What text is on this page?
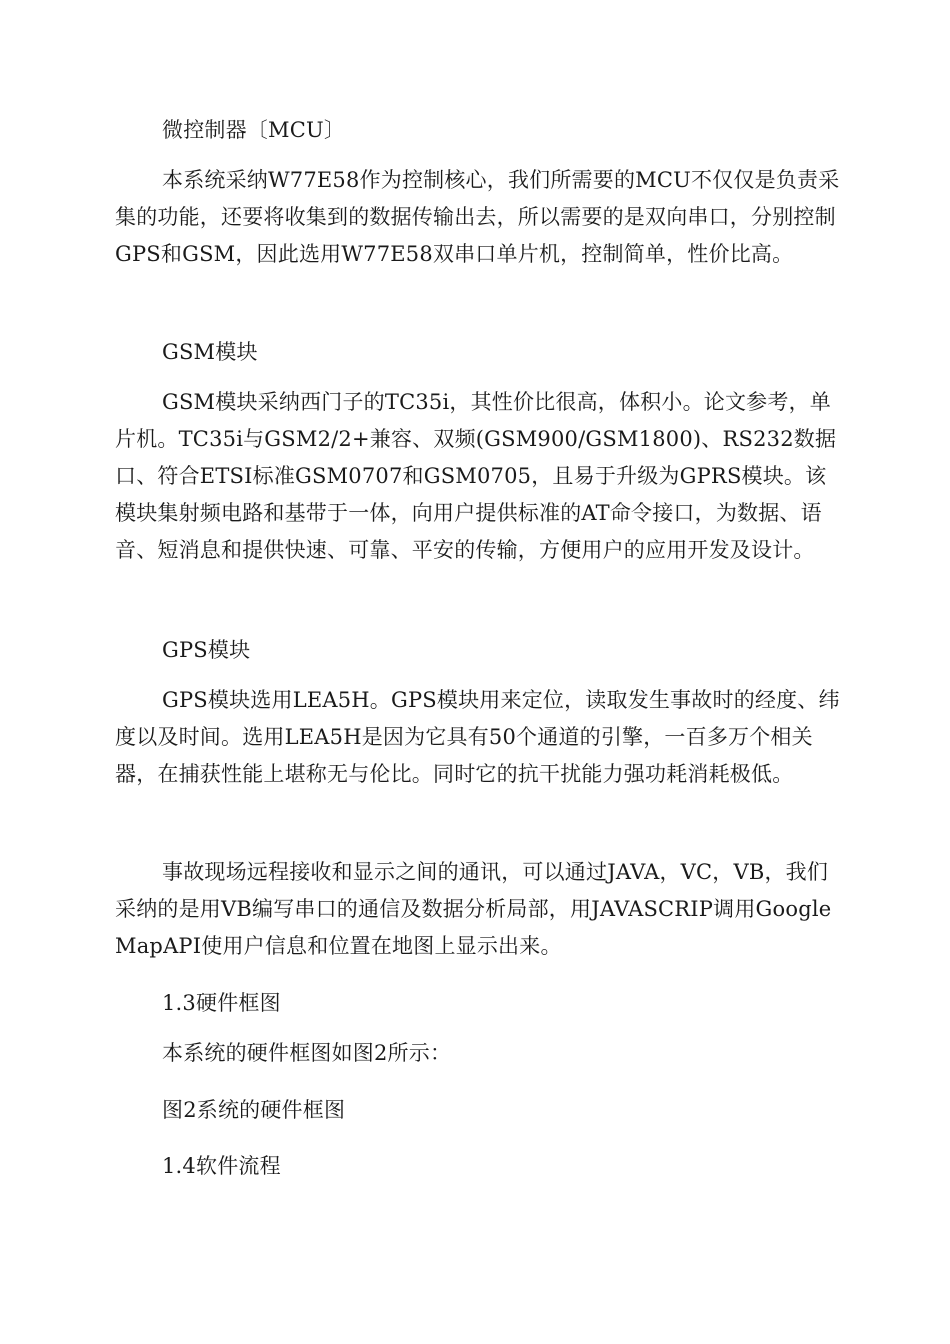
微控制器〔MCU〕

本系统采纳W77E58作为控制核心，我们所需要的MCU不仅仅是负责采集的功能，还要将收集到的数据传输出去，所以需要的是双向串口，分别控制GPS和GSM，因此选用W77E58双串口单片机，控制简单，性价比高。

GSM模块

GSM模块采纳西门子的TC35i，其性价比很高，体积小。论文参考，单片机。TC35i与GSM2/2+兼容、双频(GSM900/GSM1800)、RS232数据口、符合ETSI标准GSM0707和GSM0705，且易于升级为GPRS模块。该模块集射频电路和基带于一体，向用户提供标准的AT命令接口，为数据、语音、短消息和提供快速、可靠、平安的传输，方便用户的应用开发及设计。

GPS模块

GPS模块选用LEA5H。GPS模块用来定位，读取发生事故时的经度、纬度以及时间。选用LEA5H是因为它具有50个通道的引擎，一百多万个相关器，在捕获性能上堪称无与伦比。同时它的抗干扰能力强功耗消耗极低。

事故现场远程接收和显示之间的通讯，可以通过JAVA，VC，VB，我们采纳的是用VB编写串口的通信及数据分析局部，用JAVASCRIP调用GoogleMapAPI使用户信息和位置在地图上显示出来。

1.3硬件框图

本系统的硬件框图如图2所示：

图2系统的硬件框图

1.4软件流程
